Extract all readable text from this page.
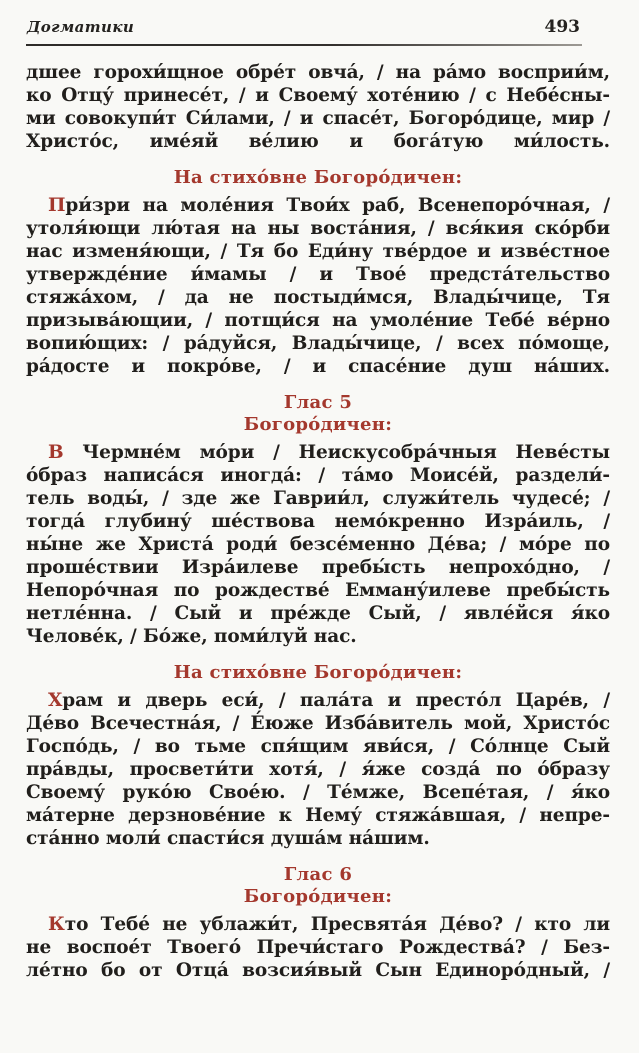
Догматики	493
дшее горохи́щное обре́т овча́, / на ра́мо восприи́м,
ко Отцу́ принесе́т, / и Своему́ хоте́нию / с Небе́сны-
ми совокупи́т Си́лами, / и спасе́т, Богоро́дице, мир /
Христо́с, име́яй ве́лию и бога́тую ми́лость.
На стихо́вне Богоро́дичен:
При́зри на моле́ния Твои́х раб, Всенепоро́чная, /
утоля́ющи лю́тая на ны воста́ния, / вся́кия ско́рби
нас изменя́ющи, / Тя бо Еди́ну тве́рдое и изве́стное
утвержде́ние и́мамы / и Твое́ предста́тельство
стяжа́хом, / да не постыди́мся, Влады́чице, Тя
призыва́ющии, / потщи́ся на умоле́ние Тебе́ ве́рно
вопию́щих: / ра́дуйся, Влады́чице, / всех по́моще,
ра́досте и покро́ве, / и спасе́ние душ на́ших.
Глас 5
Богоро́дичен:
В Чермне́м мо́ри / Неискусобра́чныя Неве́сты
о́браз написа́ся иногда́: / та́мо Моисе́й, раздели́-
тель воды́, / зде же Гаврии́л, служи́тель чудесе́; /
тогда́ глубину́ ше́ствова немо́кренно Изра́иль, /
ны́не же Христа́ роди́ безсе́менно Де́ва; / мо́ре по
проше́ствии Изра́илеве пребы́сть непрохо́дно, /
Непоро́чная по рождестве́ Емману́илеве пребы́сть
нетле́нна. / Сый и пре́жде Сый, / явле́йся я́ко
Челове́к, / Бо́же, поми́луй нас.
На стихо́вне Богоро́дичен:
Храм и дверь еси́, / пала́та и престо́л Царе́в, /
Де́во Всечестна́я, / Е́юже Изба́витель мой, Христо́с
Госпо́дь, / во тьме спя́щим яви́ся, / Со́лнце Сый
пра́вды, просвети́ти хотя́, / я́же созда́ по о́бразу
Своему́ руко́ю Свое́ю. / Те́мже, Всепе́тая, / я́ко
ма́терне дерзнове́ние к Нему́ стяжа́вшая, / непре-
ста́нно моли́ спасти́ся душа́м на́шим.
Глас 6
Богоро́дичен:
Кто Тебе́ не ублажи́т, Пресвята́я Де́во? / кто ли
не воспое́т Твоего́ Пречи́стаго Рождества́? / Без-
ле́тно бо от Отца́ возсия́вый Сын Единоро́дный, /
